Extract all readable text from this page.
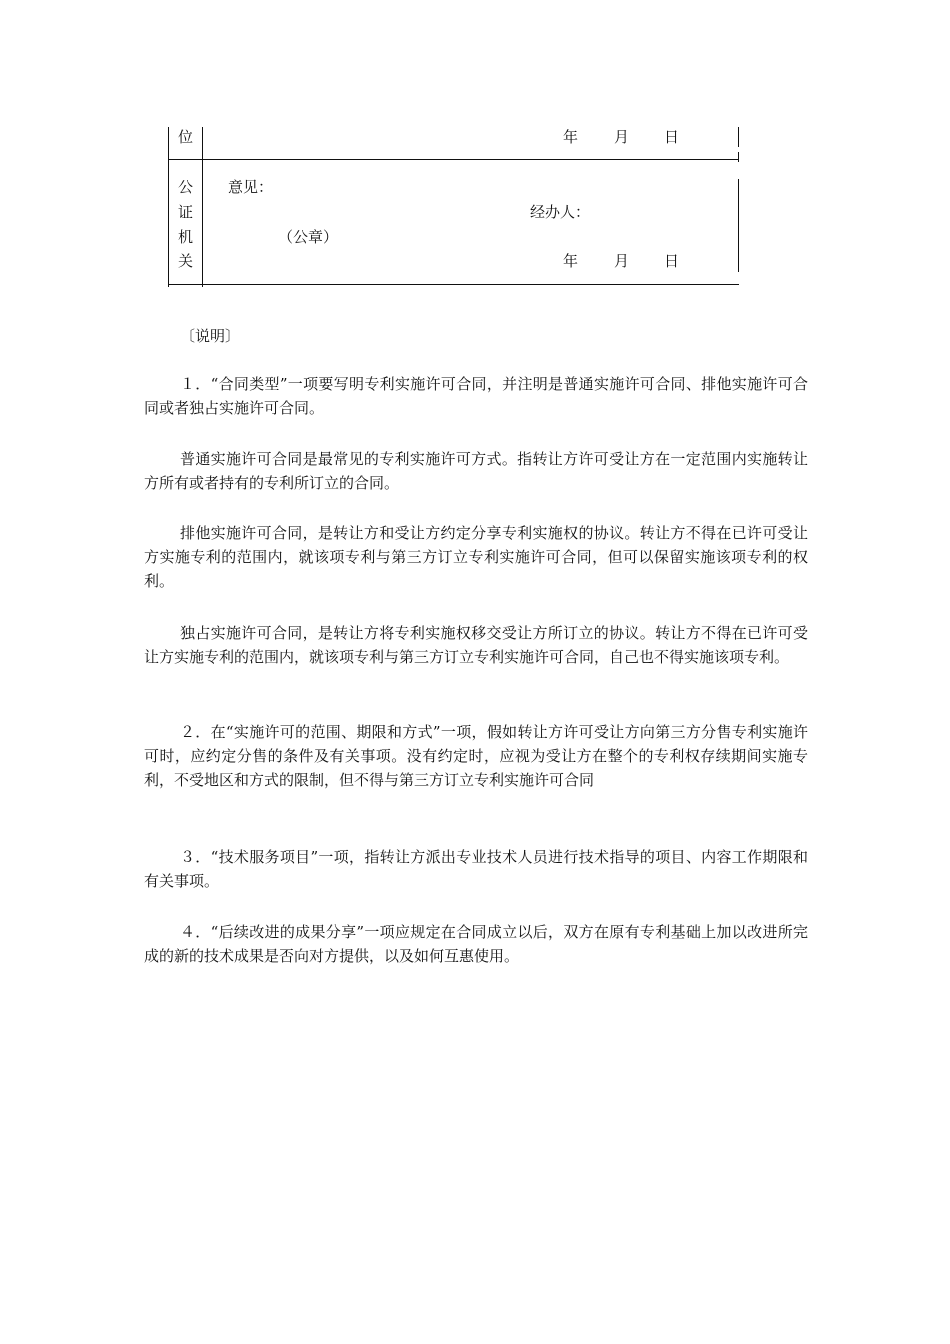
位	年 月 日
公
证
机
关
意见：
经办人：
（公章）
年 月 日
〔说明〕

１．“合同类型”一项要写明专利实施许可合同，并注明是普通实施许可合同、排他实施许可合同或者独占实施许可合同。

普通实施许可合同是最常见的专利实施许可方式。指转让方许可受让方在一定范围内实施转让方所有或者持有的专利所订立的合同。

排他实施许可合同，是转让方和受让方约定分享专利实施权的协议。转让方不得在已许可受让方实施专利的范围内，就该项专利与第三方订立专利实施许可合同，但可以保留实施该项专利的权利。

独占实施许可合同，是转让方将专利实施权移交受让方所订立的协议。转让方不得在已许可受让方实施专利的范围内，就该项专利与第三方订立专利实施许可合同，自己也不得实施该项专利。

２．在“实施许可的范围、期限和方式”一项，假如转让方许可受让方向第三方分售专利实施许可时，应约定分售的条件及有关事项。没有约定时，应视为受让方在整个的专利权存续期间实施专利，不受地区和方式的限制，但不得与第三方订立专利实施许可合同

３．“技术服务项目”一项，指转让方派出专业技术人员进行技术指导的项目、内容工作期限和有关事项。

４．“后续改进的成果分享”一项应规定在合同成立以后，双方在原有专利基础上加以改进所完成的新的技术成果是否向对方提供，以及如何互惠使用。
